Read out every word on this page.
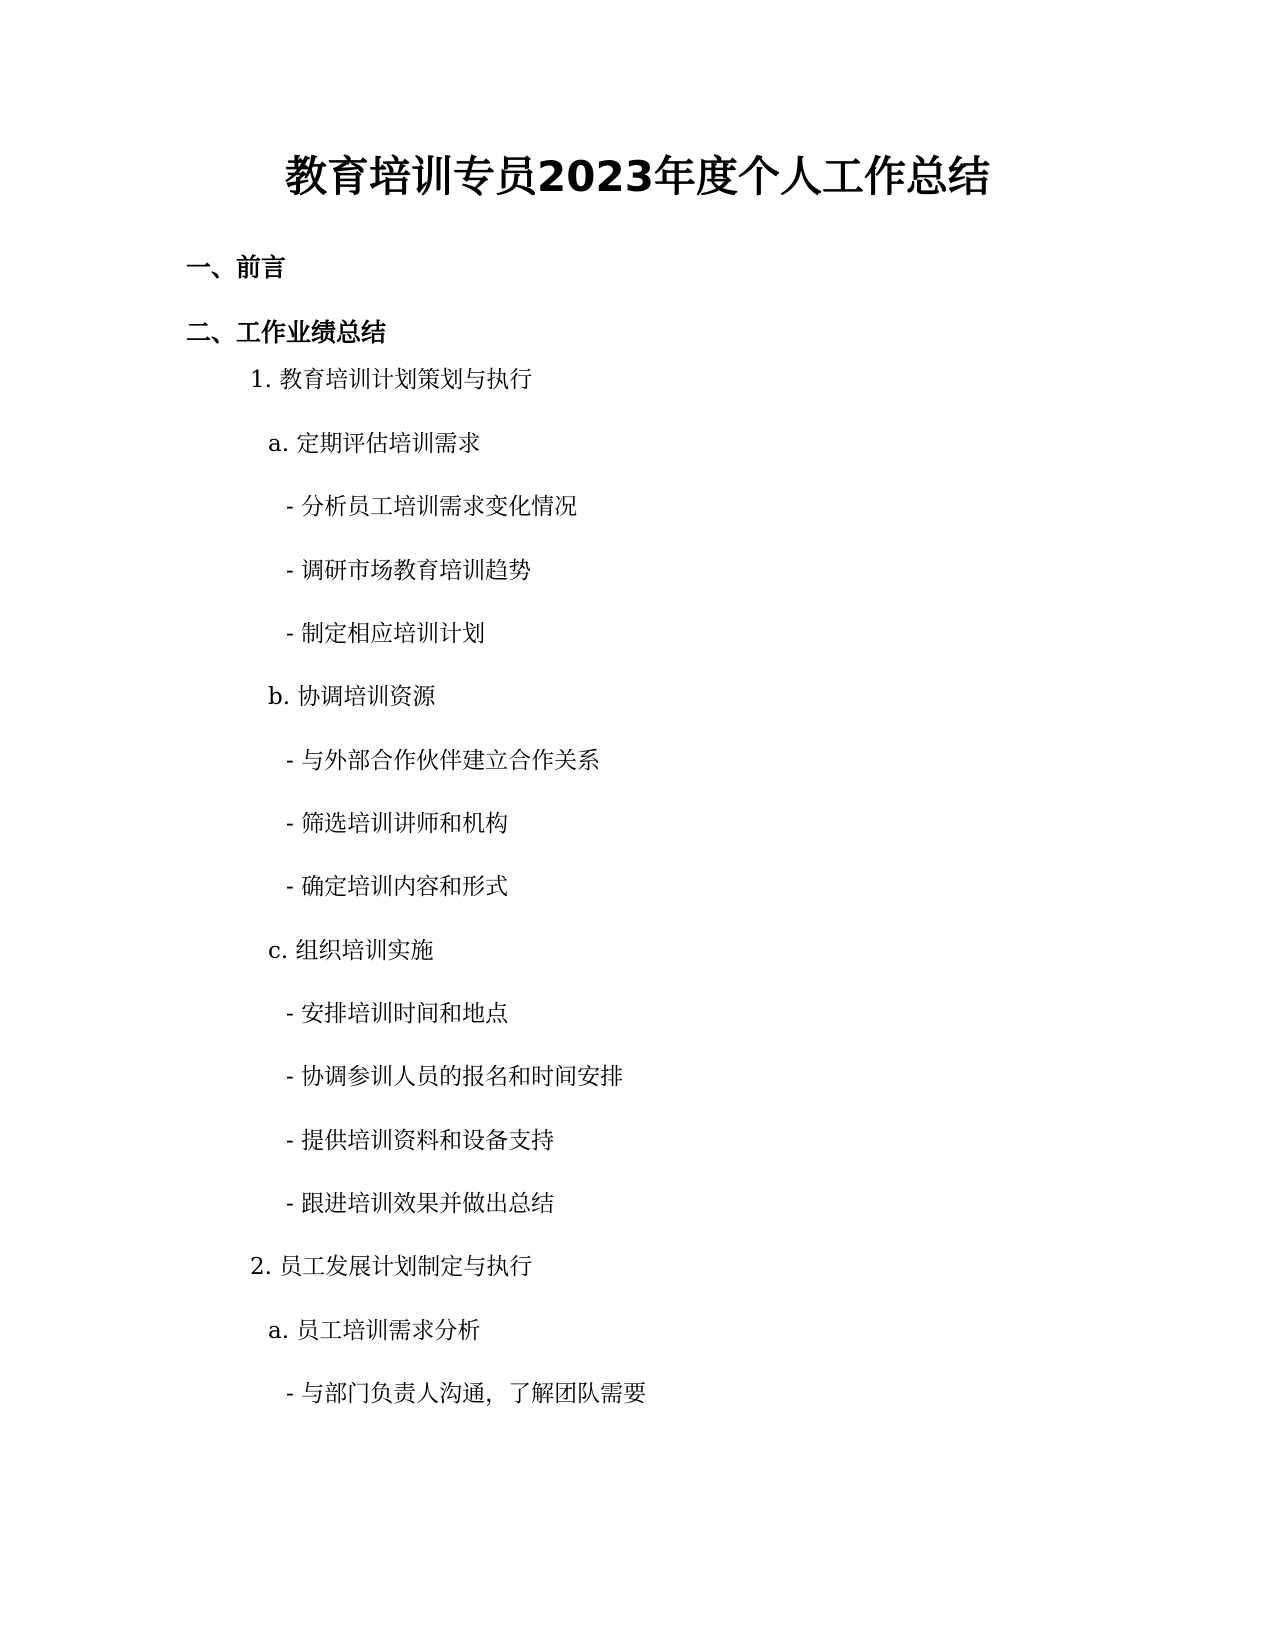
教育培训专员2023年度个人工作总结
一、前言
二、工作业绩总结
1. 教育培训计划策划与执行
a. 定期评估培训需求
- 分析员工培训需求变化情况
- 调研市场教育培训趋势
- 制定相应培训计划
b. 协调培训资源
- 与外部合作伙伴建立合作关系
- 筛选培训讲师和机构
- 确定培训内容和形式
c. 组织培训实施
- 安排培训时间和地点
- 协调参训人员的报名和时间安排
- 提供培训资料和设备支持
- 跟进培训效果并做出总结
2. 员工发展计划制定与执行
a. 员工培训需求分析
- 与部门负责人沟通，了解团队需要
